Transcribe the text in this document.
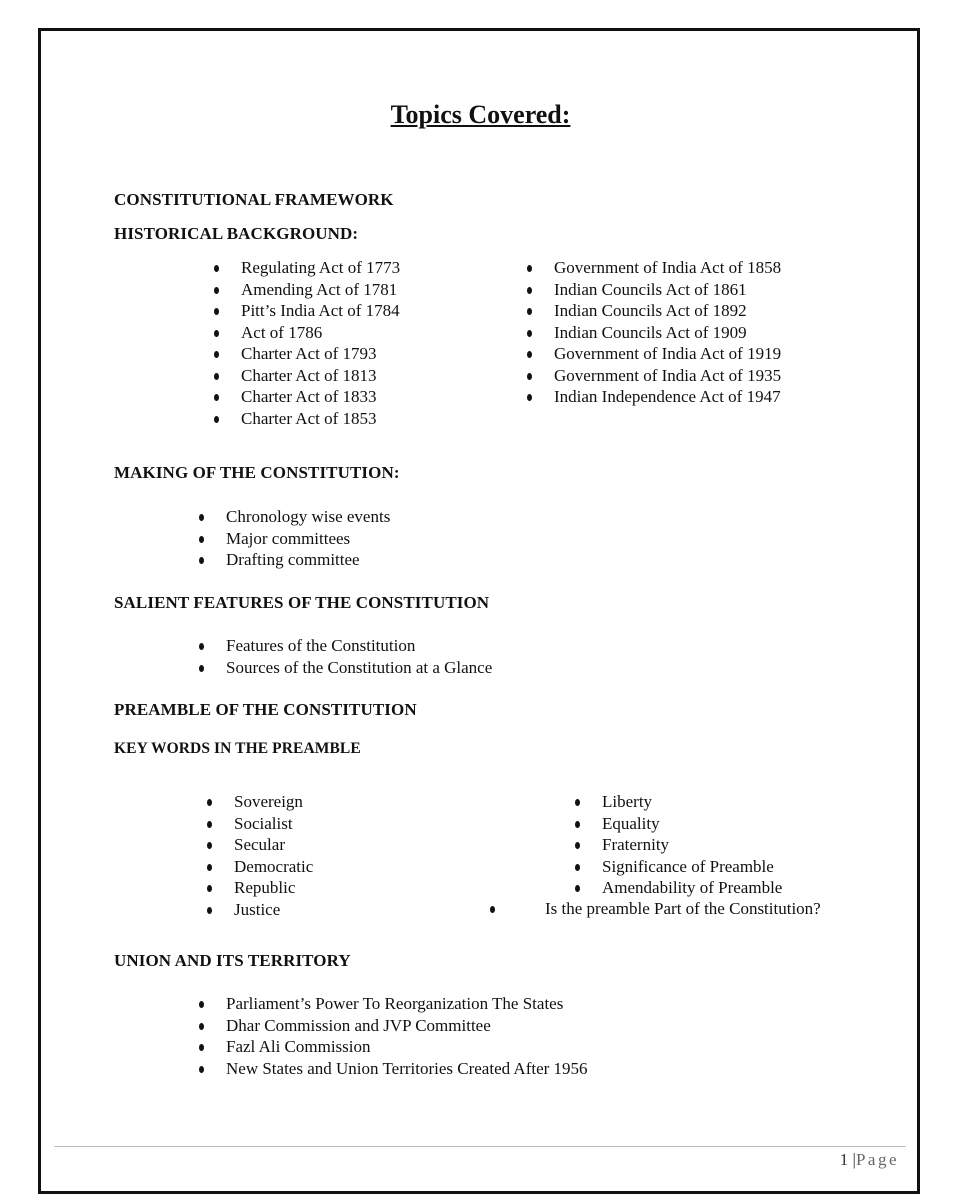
Topics Covered:
CONSTITUTIONAL FRAMEWORK
HISTORICAL BACKGROUND:
Regulating Act of 1773
Amending Act of 1781
Pitt’s India Act of 1784
Act of 1786
Charter Act of 1793
Charter Act of 1813
Charter Act of 1833
Charter Act of 1853
Government of India Act of 1858
Indian Councils Act of 1861
Indian Councils Act of 1892
Indian Councils Act of 1909
Government of India Act of 1919
Government of India Act of 1935
Indian Independence Act of 1947
MAKING OF THE CONSTITUTION:
Chronology wise events
Major committees
Drafting committee
SALIENT FEATURES OF THE CONSTITUTION
Features of the Constitution
Sources of the Constitution at a Glance
PREAMBLE OF THE CONSTITUTION
KEY WORDS IN THE PREAMBLE
Sovereign
Socialist
Secular
Democratic
Republic
Justice
Liberty
Equality
Fraternity
Significance of Preamble
Amendability of Preamble
Is the preamble Part of the Constitution?
UNION AND ITS TERRITORY
Parliament’s Power To Reorganization The States
Dhar Commission and JVP Committee
Fazl Ali Commission
New States and Union Territories Created After 1956
1 |Page
